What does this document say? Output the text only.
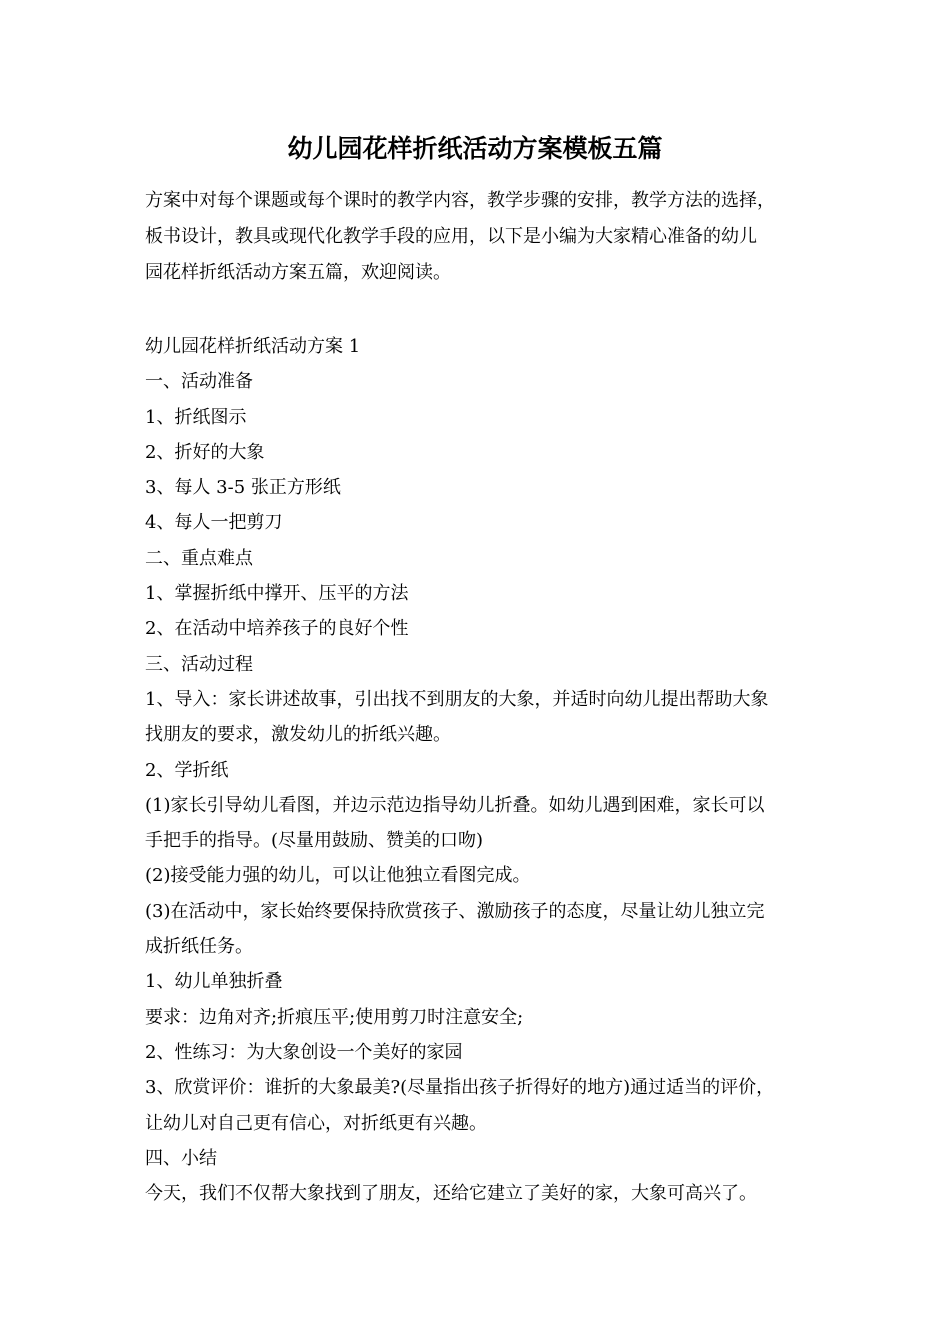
幼儿园花样折纸活动方案模板五篇

方案中对每个课题或每个课时的教学内容，教学步骤的安排，教学方法的选择，
板书设计，教具或现代化教学手段的应用，以下是小编为大家精心准备的幼儿
园花样折纸活动方案五篇，欢迎阅读。

幼儿园花样折纸活动方案 1
一、活动准备
1、折纸图示
2、折好的大象
3、每人 3-5 张正方形纸
4、每人一把剪刀
二、重点难点
1、掌握折纸中撑开、压平的方法
2、在活动中培养孩子的良好个性
三、活动过程
1、导入：家长讲述故事，引出找不到朋友的大象，并适时向幼儿提出帮助大象
找朋友的要求，激发幼儿的折纸兴趣。
2、学折纸
(1)家长引导幼儿看图，并边示范边指导幼儿折叠。如幼儿遇到困难，家长可以
手把手的指导。(尽量用鼓励、赞美的口吻)
(2)接受能力强的幼儿，可以让他独立看图完成。
(3)在活动中，家长始终要保持欣赏孩子、激励孩子的态度，尽量让幼儿独立完
成折纸任务。
1、幼儿单独折叠
要求：边角对齐;折痕压平;使用剪刀时注意安全;
2、性练习：为大象创设一个美好的家园
3、欣赏评价：谁折的大象最美?(尽量指出孩子折得好的地方)通过适当的评价，
让幼儿对自己更有信心，对折纸更有兴趣。
四、小结
今天，我们不仅帮大象找到了朋友，还给它建立了美好的家，大象可高兴了。
